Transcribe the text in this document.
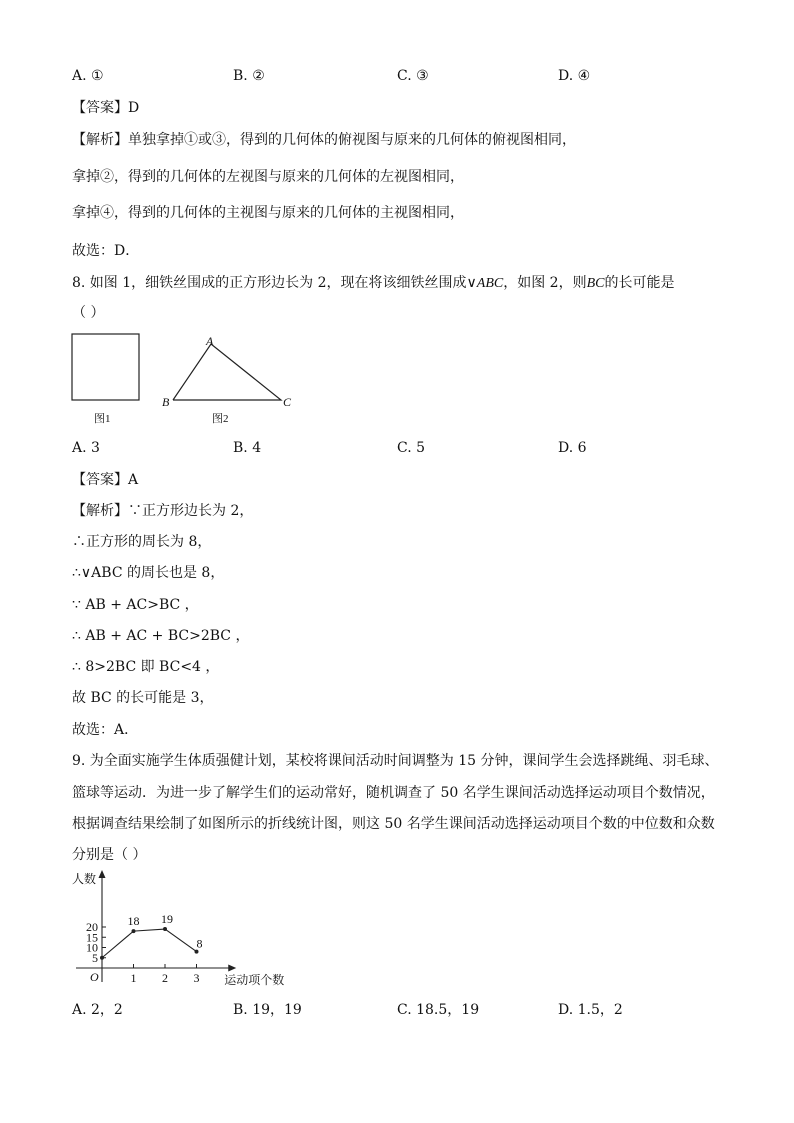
A. ①	B. ②	C. ③	D. ④
【答案】D
【解析】单独拿掉①或③，得到的几何体的俯视图与原来的几何体的俯视图相同，
拿掉②，得到的几何体的左视图与原来的几何体的左视图相同，
拿掉④，得到的几何体的主视图与原来的几何体的主视图相同，
故选：D．
8. 如图 1，细铁丝围成的正方形边长为 2，现在将该细铁丝围成∨ABC，如图 2，则BC的长可能是
（ ）
图1
A
B	C
图2
A. 3	B. 4	C. 5	D. 6
【答案】A
【解析】∵正方形边长为 2，
∴正方形的周长为 8，
∴∨ABC 的周长也是 8，
∵ AB + AC>BC ，
∴ AB + AC + BC>2BC ，
∴ 8>2BC 即 BC<4 ，
故 BC 的长可能是 3，
故选：A．
9. 为全面实施学生体质强健计划，某校将课间活动时间调整为 15 分钟，课间学生会选择跳绳、羽毛球、
篮球等运动．为进一步了解学生们的运动常好，随机调查了 50 名学生课间活动选择运动项目个数情况，
根据调查结果绘制了如图所示的折线统计图，则这 50 名学生课间活动选择运动项目个数的中位数和众数
分别是（ ）
人数
运动项个数
O
5
10
15
20
1 2 3
18 19
8
A. 2，2	B. 19，19	C. 18.5，19	D. 1.5，2
